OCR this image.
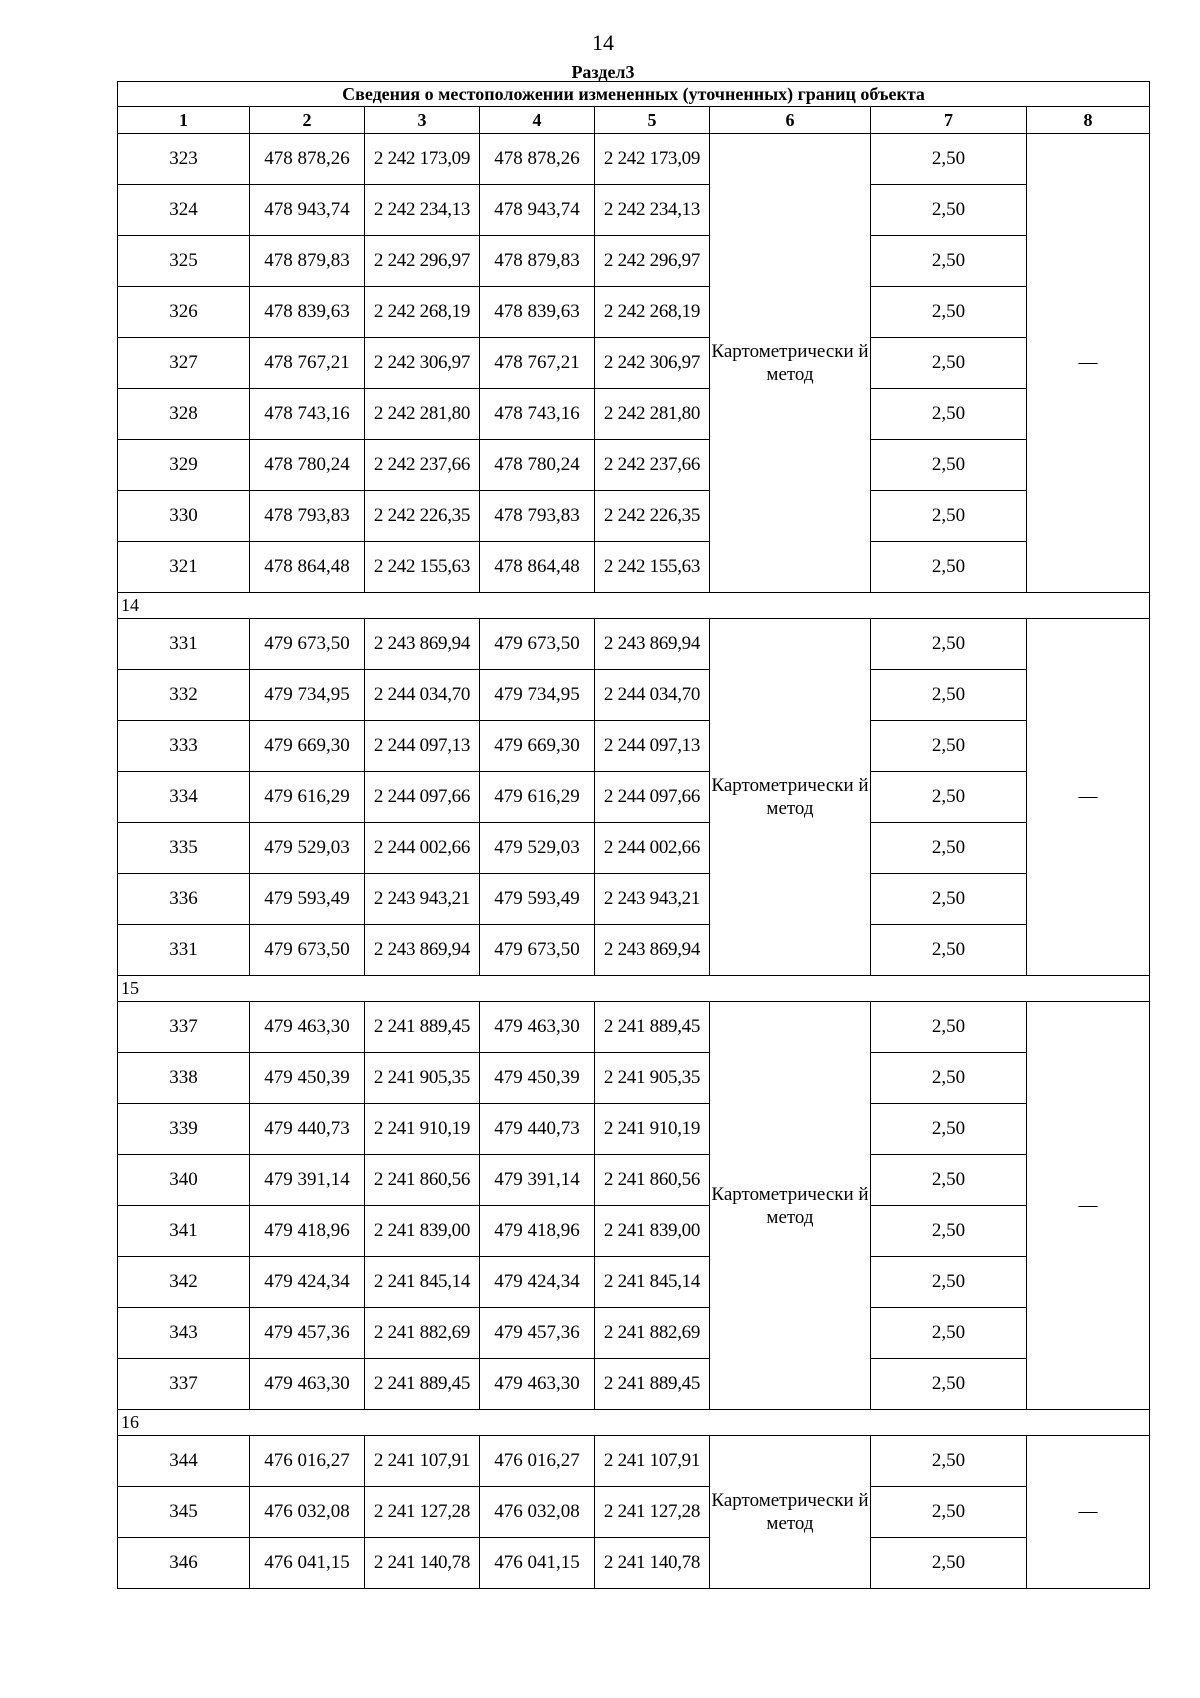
14
Раздел3
Сведения о местоположении измененных (уточненных) границ объекта							
1	2	3	4	5	6	7	8
323	478 878,26	2 242 173,09	478 878,26	2 242 173,09	Картометрически й метод	2,50	—
324	478 943,74	2 242 234,13	478 943,74	2 242 234,13		2,50	
325	478 879,83	2 242 296,97	478 879,83	2 242 296,97		2,50	
326	478 839,63	2 242 268,19	478 839,63	2 242 268,19		2,50	
327	478 767,21	2 242 306,97	478 767,21	2 242 306,97		2,50	
328	478 743,16	2 242 281,80	478 743,16	2 242 281,80		2,50	
329	478 780,24	2 242 237,66	478 780,24	2 242 237,66		2,50	
330	478 793,83	2 242 226,35	478 793,83	2 242 226,35		2,50	
321	478 864,48	2 242 155,63	478 864,48	2 242 155,63		2,50	
14							
331	479 673,50	2 243 869,94	479 673,50	2 243 869,94	Картометрически й метод	2,50	—
332	479 734,95	2 244 034,70	479 734,95	2 244 034,70		2,50	
333	479 669,30	2 244 097,13	479 669,30	2 244 097,13		2,50	
334	479 616,29	2 244 097,66	479 616,29	2 244 097,66		2,50	
335	479 529,03	2 244 002,66	479 529,03	2 244 002,66		2,50	
336	479 593,49	2 243 943,21	479 593,49	2 243 943,21		2,50	
331	479 673,50	2 243 869,94	479 673,50	2 243 869,94		2,50	
15							
337	479 463,30	2 241 889,45	479 463,30	2 241 889,45	Картометрически й метод	2,50	—
338	479 450,39	2 241 905,35	479 450,39	2 241 905,35		2,50	
339	479 440,73	2 241 910,19	479 440,73	2 241 910,19		2,50	
340	479 391,14	2 241 860,56	479 391,14	2 241 860,56		2,50	
341	479 418,96	2 241 839,00	479 418,96	2 241 839,00		2,50	
342	479 424,34	2 241 845,14	479 424,34	2 241 845,14		2,50	
343	479 457,36	2 241 882,69	479 457,36	2 241 882,69		2,50	
337	479 463,30	2 241 889,45	479 463,30	2 241 889,45		2,50	
16							
344	476 016,27	2 241 107,91	476 016,27	2 241 107,91	Картометрически й метод	2,50	—
345	476 032,08	2 241 127,28	476 032,08	2 241 127,28		2,50	
346	476 041,15	2 241 140,78	476 041,15	2 241 140,78		2,50	
